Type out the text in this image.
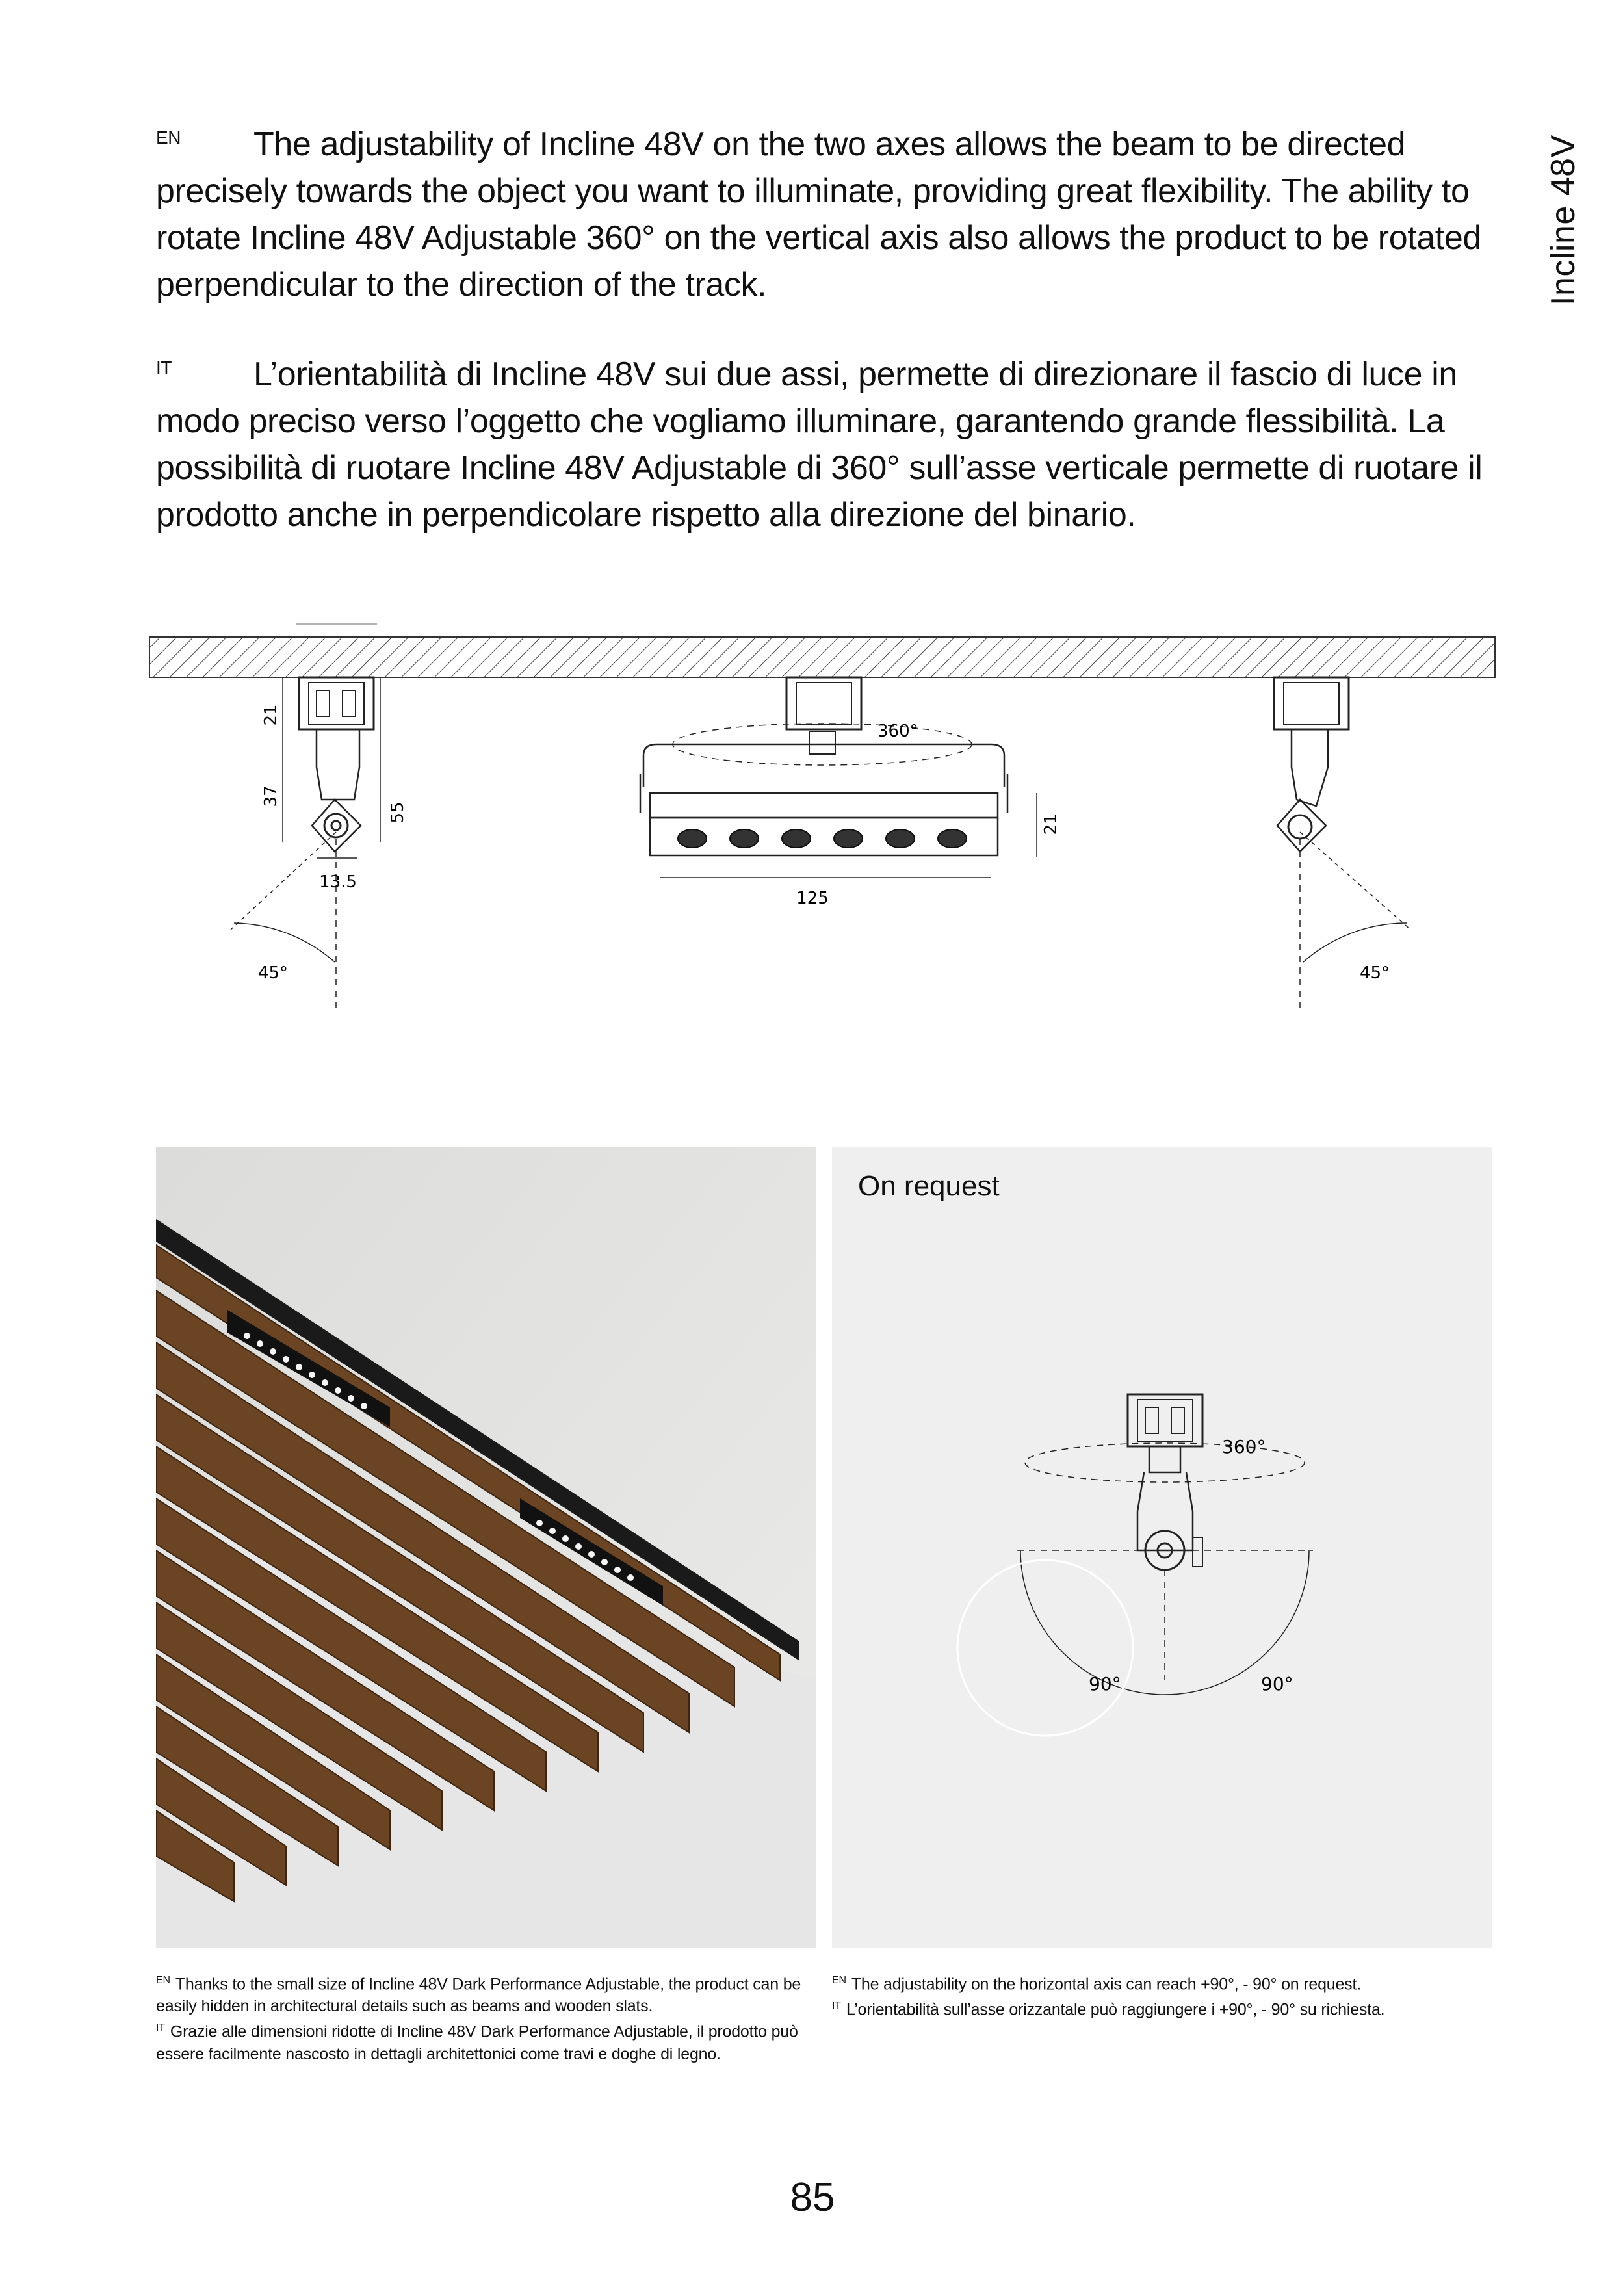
Incline 48V
EN The adjustability of Incline 48V on the two axes allows the beam to be directed precisely towards the object you want to illuminate, providing great flexibility. The ability to rotate Incline 48V Adjustable 360° on the vertical axis also allows the product to be rotated perpendicular to the direction of the track.
IT L’orientabilità di Incline 48V sui due assi, permette di direzionare il fascio di luce in modo preciso verso l’oggetto che vogliamo illuminare, garantendo grande flessibilità. La possibilità di ruotare Incline 48V Adjustable di 360° sull’asse verticale permette di ruotare il prodotto anche in perpendicolare rispetto alla direzione del binario.
21
37
55
13.5
45°
360°
21
125
45°
On request
360°
90°	90°
$^{EN}$ Thanks to the small size of Incline 48V Dark Performance Adjustable, the product can be easily hidden in architectural details such as beams and wooden slats.
$^{IT}$ Grazie alle dimensioni ridotte di Incline 48V Dark Performance Adjustable, il prodotto può essere facilmente nascosto in dettagli architettonici come travi e doghe di legno.
$^{EN}$ The adjustability on the horizontal axis can reach +90°, - 90° on request.
$^{IT}$ L’orientabilità sull’asse orizzantale può raggiungere i +90°, - 90° su richiesta.
85
